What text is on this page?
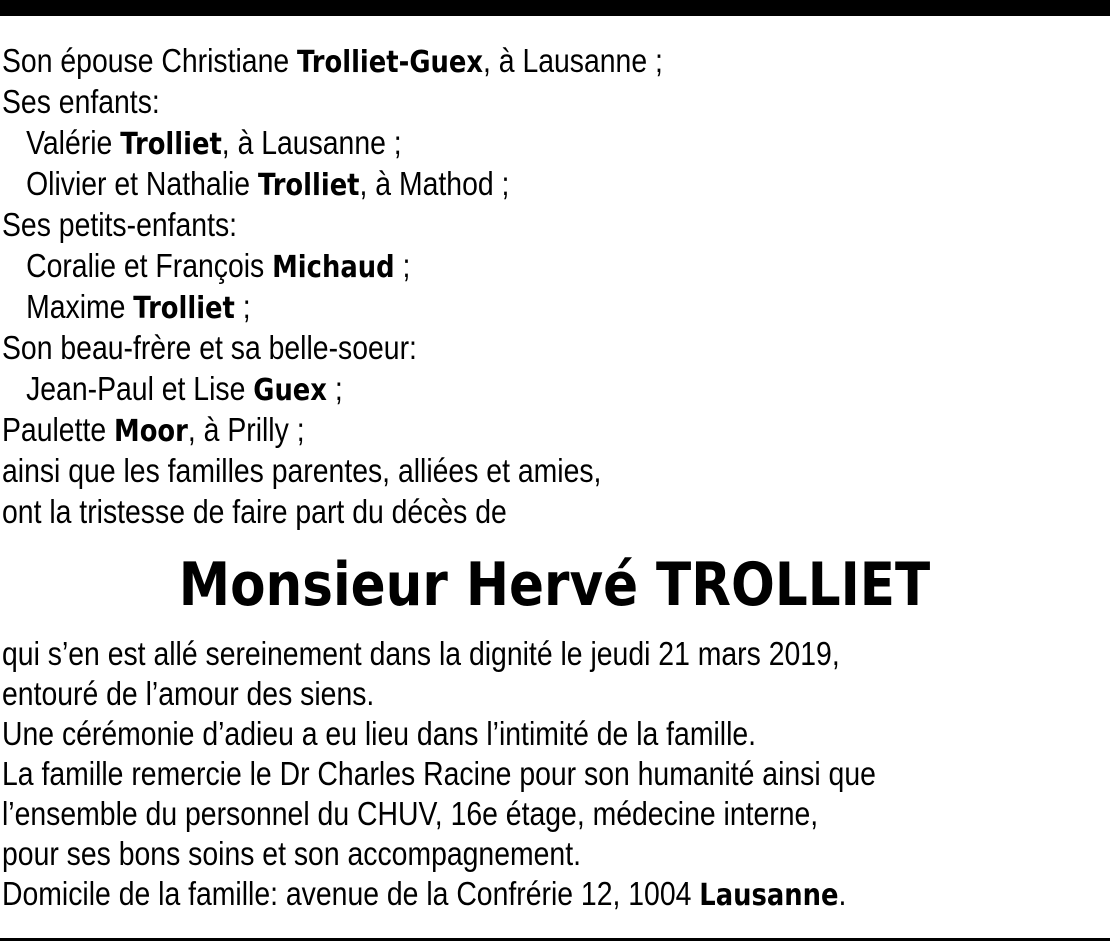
Son épouse Christiane Trolliet-Guex, à Lausanne ;
Ses enfants:
Valérie Trolliet, à Lausanne ;
Olivier et Nathalie Trolliet, à Mathod ;
Ses petits-enfants:
Coralie et François Michaud ;
Maxime Trolliet ;
Son beau-frère et sa belle-soeur:
Jean-Paul et Lise Guex ;
Paulette Moor, à Prilly ;
ainsi que les familles parentes, alliées et amies,
ont la tristesse de faire part du décès de
Monsieur Hervé TROLLIET
qui s’en est allé sereinement dans la dignité le jeudi 21 mars 2019,
entouré de l’amour des siens.
Une cérémonie d’adieu a eu lieu dans l’intimité de la famille.
La famille remercie le Dr Charles Racine pour son humanité ainsi que
l’ensemble du personnel du CHUV, 16e étage, médecine interne,
pour ses bons soins et son accompagnement.
Domicile de la famille: avenue de la Confrérie 12, 1004 Lausanne.
